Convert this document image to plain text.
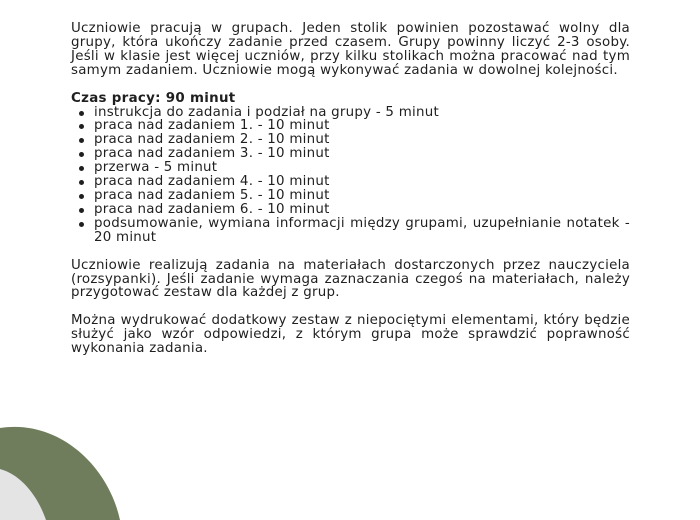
Uczniowie pracują w grupach. Jeden stolik powinien pozostawać wolny dla grupy, która ukończy zadanie przed czasem. Grupy powinny liczyć 2-3 osoby. Jeśli w klasie jest więcej uczniów, przy kilku stolikach można pracować nad tym samym zadaniem. Uczniowie mogą wykonywać zadania w dowolnej kolejności.

Czas pracy: 90 minut

instrukcja do zadania i podział na grupy - 5 minut
praca nad zadaniem 1. - 10 minut
praca nad zadaniem 2. - 10 minut
praca nad zadaniem 3. - 10 minut
przerwa - 5 minut
praca nad zadaniem 4. - 10 minut
praca nad zadaniem 5. - 10 minut
praca nad zadaniem 6. - 10 minut
podsumowanie, wymiana informacji między grupami, uzupełnianie notatek - 20 minut

Uczniowie realizują zadania na materiałach dostarczonych przez nauczyciela (rozsypanki). Jeśli zadanie wymaga zaznaczania czegoś na materiałach, należy przygotować zestaw dla każdej z grup.

Można wydrukować dodatkowy zestaw z niepociętymi elementami, który będzie służyć jako wzór odpowiedzi, z którym grupa może sprawdzić poprawność wykonania zadania.
